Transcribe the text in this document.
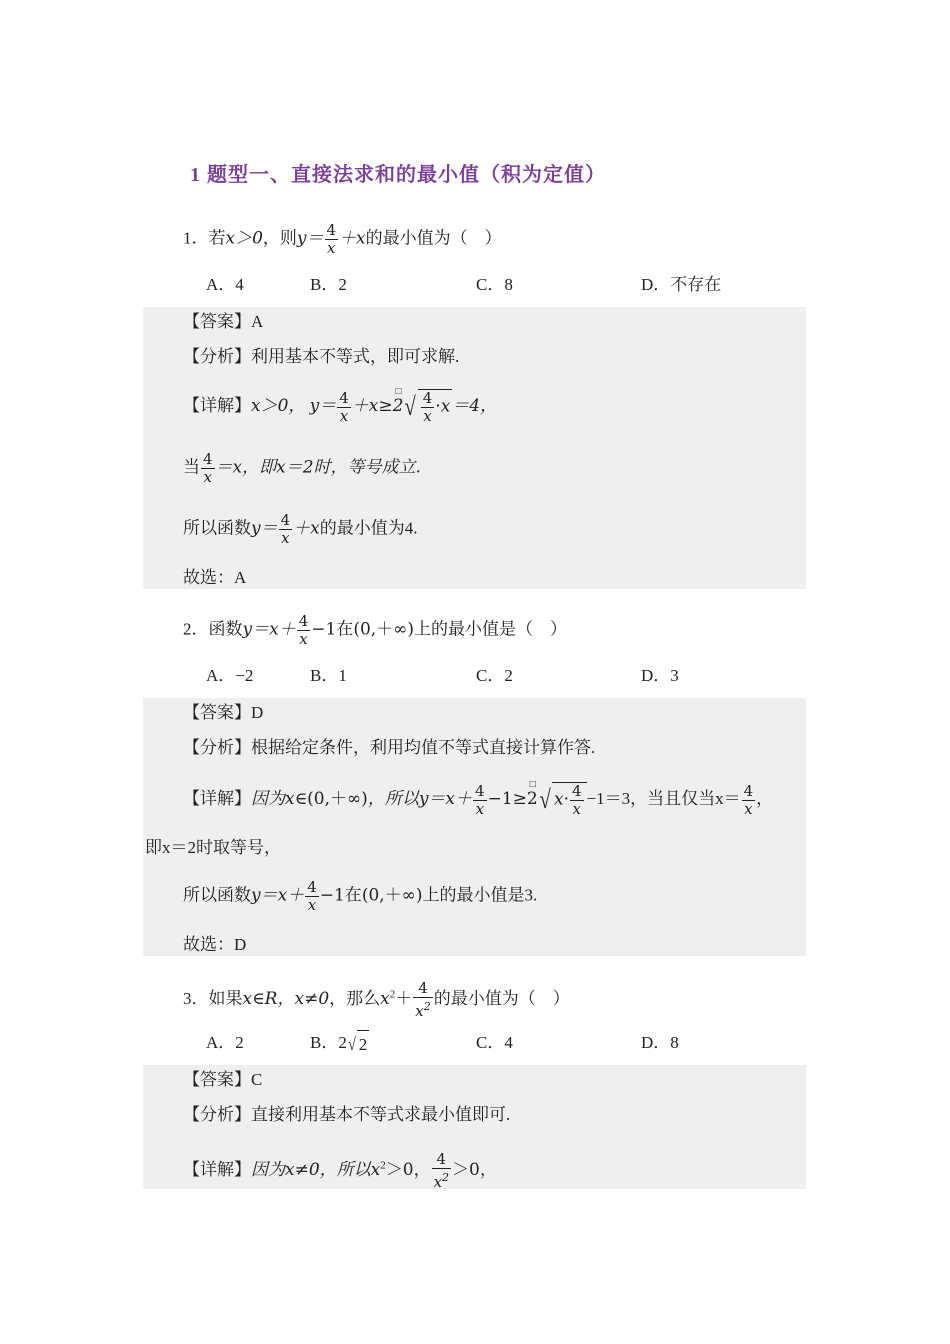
1 题型一、直接法求和的最小值（积为定值）
1．若x＞0，则$y= \frac{4}{x} +x$的最小值为（　）
A．4	B．2	C．8	D．不存在
【答案】A
【分析】利用基本不等式，即可求解.
【详解】x＞0， $y= \frac{4}{x} +x\ge 2$
□
√ $\frac{4}{x} \cdot x =4$，
当 $\frac{4}{x} =x$，即x＝2时，等号成立.
所以函数$y= \frac{4}{x} +x$的最小值为4.
故选：A
2．函数$y=x+ \frac{4}{x} -1$在(0,＋∞)上的最小值是（　）
A．−2	B．1	C．2	D．3
【答案】D
【分析】根据给定条件，利用均值不等式直接计算作答.
【详解】因为x∈(0,＋∞)，所以$y=x+ \frac{4}{x} -1\ge 2$
□
√ $x\cdot \frac{4}{x} -1=3$，当且仅当$x= \frac{4}{x}$ ，
即x＝2时取等号，
所以函数$y=x+ \frac{4}{x} -1$在(0,＋∞)上的最小值是3.
故选：D
3．如果x∈R，x≠0，那么$x^2+ \frac{4}{x^2}$ 的最小值为（　）
A．2	B．2√ 2	C．4	D．8
【答案】C
【分析】直接利用基本不等式求最小值即可.
【详解】因为x≠0，所以$x^2>0$， $\frac{4}{x^2} >0$，
